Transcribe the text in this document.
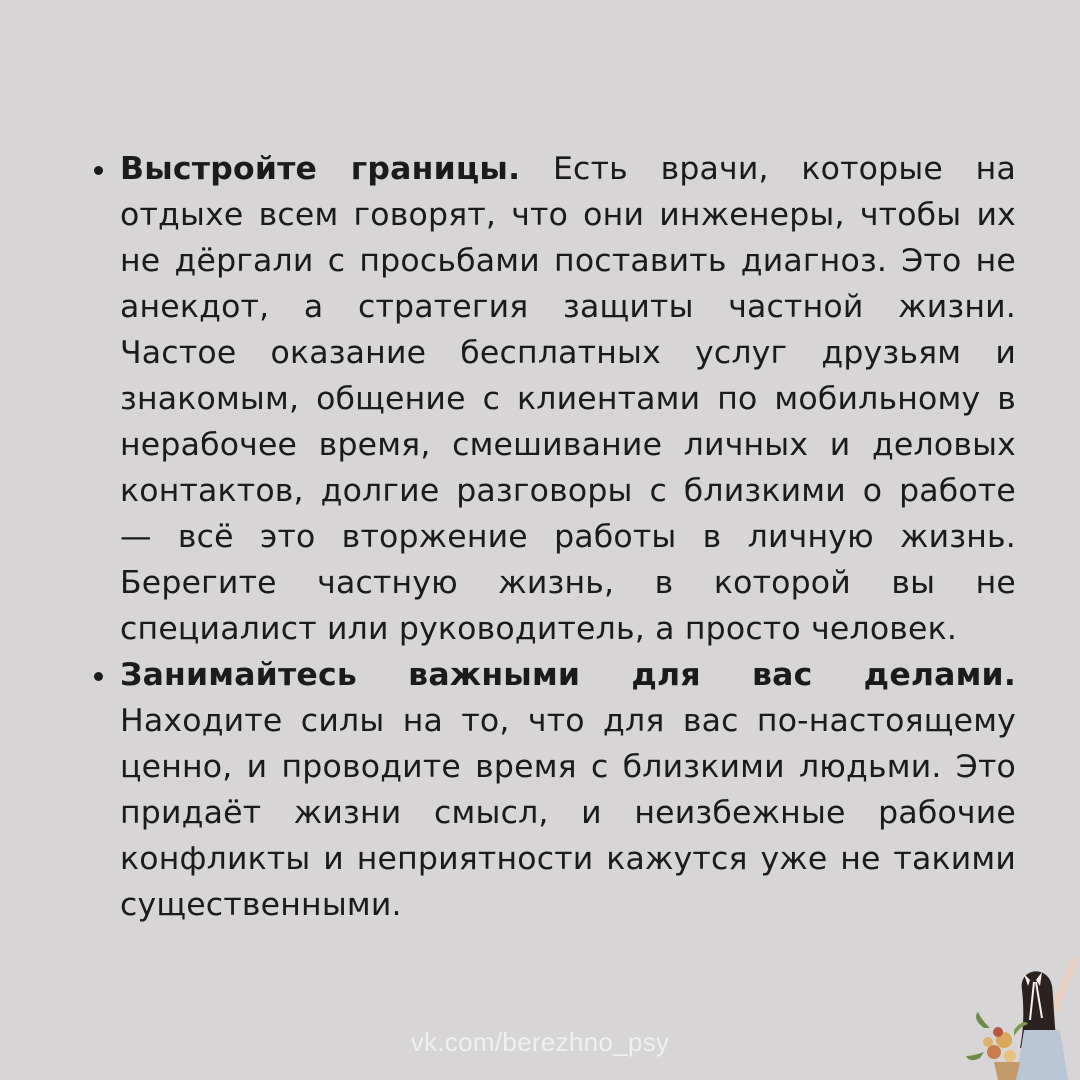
Выстройте границы. Есть врачи, которые на отдыхе всем говорят, что они инженеры, чтобы их не дёргали с просьбами поставить диагноз. Это не анекдот, а стратегия защиты частной жизни. Частое оказание бесплатных услуг друзьям и знакомым, общение с клиентами по мобильному в нерабочее время, смешивание личных и деловых контактов, долгие разговоры с близкими о работе — всё это вторжение работы в личную жизнь. Берегите частную жизнь, в которой вы не специалист или руководитель, а просто человек.
Занимайтесь важными для вас делами. Находите силы на то, что для вас по-настоящему ценно, и проводите время с близкими людьми. Это придаёт жизни смысл, и неизбежные рабочие конфликты и неприятности кажутся уже не такими существенными.
vk.com/berezhno_psy
